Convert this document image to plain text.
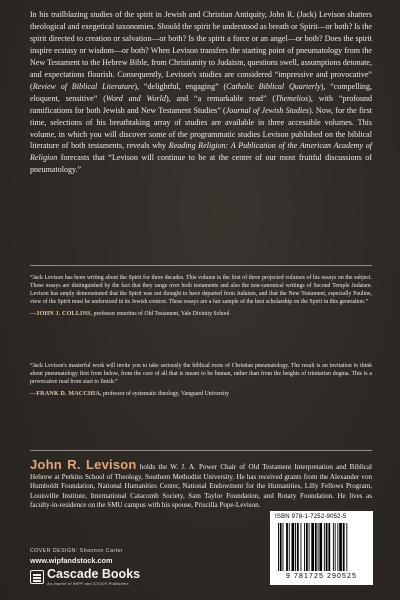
In his trailblazing studies of the spirit in Jewish and Christian Antiquity, John R. (Jack) Levison shatters theological and exegetical taxonomies. Should the spirit be understood as breath or Spirit—or both? Is the spirit directed to creation or salvation—or both? Is the spirit a force or an angel—or both? Does the spirit inspire ecstasy or wisdom—or both? When Levison transfers the starting point of pneumatology from the New Testament to the Hebrew Bible, from Christianity to Judaism, questions swell, assumptions detonate, and expectations flourish. Consequently, Levison's studies are considered “impressive and provocative” (Review of Biblical Literature), “delightful, engaging” (Catholic Biblical Quarterly), “compelling, eloquent, sensitive” (Word and World), and “a remarkable read” (Themelios), with “profound ramifications for both Jewish and New Testament Studies” (Journal of Jewish Studies). Now, for the first time, selections of his breathtaking array of studies are available in three accessible volumes. This volume, in which you will discover some of the programmatic studies Levison published on the biblical literature of both testaments, reveals why Reading Religion: A Publication of the American Academy of Religion forecasts that “Levison will continue to be at the center of our most fruitful discussions of pneumatology.”
“Jack Levison has been writing about the Spirit for three decades. This volume is the first of three projected volumes of his essays on the subject. These essays are distinguished by the fact that they range over both testaments and also the non-canonical writings of Second Temple Judaism. Levison has amply demonstrated that the Spirit was not thought to have departed from Judaism, and that the New Testament, especially Pauline, view of the Spirit must be understood in its Jewish context. These essays are a fair sample of the best scholarship on the Spirit in this generation.”
—JOHN J. COLLINS, professor emeritus of Old Testament, Yale Divinity School
“Jack Levison's masterful work will invite you to take seriously the biblical roots of Christian pneumatology. The result is an invitation to think about pneumatology first from below, from the core of all that is meant to be human, rather than from the heights of trinitarian dogma. This is a provocative read from start to finish.”
—FRANK D. MACCHIA, professor of systematic theology, Vanguard University
John R. Levison holds the W. J. A. Power Chair of Old Testament Interpretation and Biblical Hebrew at Perkins School of Theology, Southern Methodist University. He has received grants from the Alexander von Humboldt Foundation, National Humanities Center, National Endowment for the Humanities, Lilly Fellows Program, Louisville Institute, International Catacomb Society, Sam Taylor Foundation, and Rotary Foundation. He lives as faculty-in-residence on the SMU campus with his spouse, Priscilla Pope-Levison.
COVER DESIGN: Shannon Carter
www.wipfandstock.com
Cascade Books
An Imprint of WIPF and STOCK Publishers
ISBN 978-1-7252-9052-5
9 781725 290525
